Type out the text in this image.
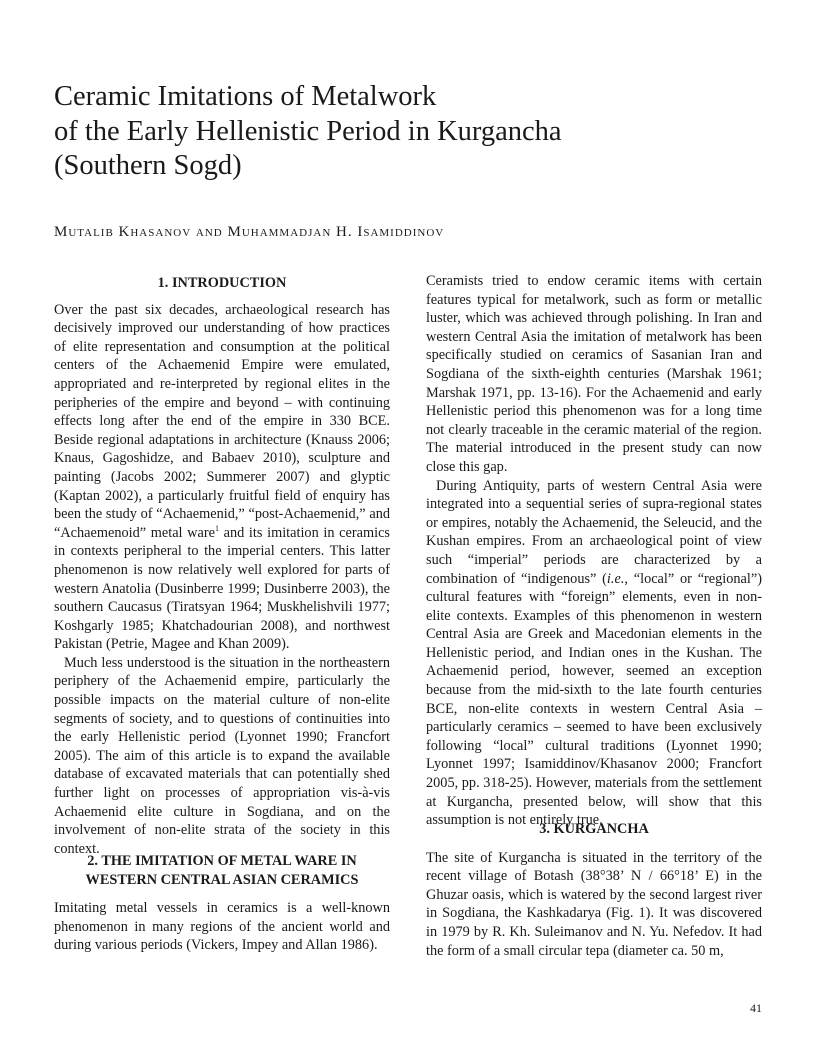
Ceramic Imitations of Metalwork
of the Early Hellenistic Period in Kurgancha
(Southern Sogd)
Mutalib Khasanov and Muhammadjan H. Isamiddinov
1. INTRODUCTION

Over the past six decades, archaeological research has decisively improved our understanding of how practices of elite representation and consumption at the political centers of the Achaemenid Empire were emulated, appropriated and re-interpreted by regional elites in the peripheries of the empire and beyond – with continuing effects long after the end of the empire in 330 BCE. Beside regional adaptations in architecture (Knauss 2006; Knaus, Gagoshidze, and Babaev 2010), sculpture and painting (Jacobs 2002; Summerer 2007) and glyptic (Kaptan 2002), a particularly fruitful field of enquiry has been the study of “Achaemenid,” “post-Achaemenid,” and “Achaemenoid” metal ware$^1$ and its imitation in ceramics in contexts peripheral to the imperial centers. This latter phenomenon is now relatively well explored for parts of western Anatolia (Dusinberre 1999; Dusinberre 2003), the southern Caucasus (Tiratsyan 1964; Muskhelishvili 1977; Koshgarly 1985; Khatchadourian 2008), and northwest Pakistan (Petrie, Magee and Khan 2009).

Much less understood is the situation in the northeastern periphery of the Achaemenid empire, particularly the possible impacts on the material culture of non-elite segments of society, and to questions of continuities into the early Hellenistic period (Lyonnet 1990; Francfort 2005). The aim of this article is to expand the available database of excavated materials that can potentially shed further light on processes of appropriation vis-à-vis Achaemenid elite culture in Sogdiana, and on the involvement of non-elite strata of the society in this context.

2. THE IMITATION OF METAL WARE IN
WESTERN CENTRAL ASIAN CERAMICS

Imitating metal vessels in ceramics is a well-known phenomenon in many regions of the ancient world and during various periods (Vickers, Impey and Allan 1986).

Ceramists tried to endow ceramic items with certain features typical for metalwork, such as form or metallic luster, which was achieved through polishing. In Iran and western Central Asia the imitation of metalwork has been specifically studied on ceramics of Sasanian Iran and Sogdiana of the sixth-eighth centuries (Marshak 1961; Marshak 1971, pp. 13-16). For the Achaemenid and early Hellenistic period this phenomenon was for a long time not clearly traceable in the ceramic material of the region. The material introduced in the present study can now close this gap.

During Antiquity, parts of western Central Asia were integrated into a sequential series of supra-regional states or empires, notably the Achaemenid, the Seleucid, and the Kushan empires. From an archaeological point of view such “imperial” periods are characterized by a combination of “indigenous” (i.e., “local” or “regional”) cultural features with “foreign” elements, even in non-elite contexts. Examples of this phenomenon in western Central Asia are Greek and Macedonian elements in the Hellenistic period, and Indian ones in the Kushan. The Achaemenid period, however, seemed an exception because from the mid-sixth to the late fourth centuries BCE, non-elite contexts in western Central Asia – particularly ceramics – seemed to have been exclusively following “local” cultural traditions (Lyonnet 1990; Lyonnet 1997; Isamiddinov/Khasanov 2000; Francfort 2005, pp. 318-25). However, materials from the settlement at Kurgancha, presented below, will show that this assumption is not entirely true.

3. KURGANCHA

The site of Kurgancha is situated in the territory of the recent village of Botash (38°38’ N / 66°18’ E) in the Ghuzar oasis, which is watered by the second largest river in Sogdiana, the Kashkadarya (Fig. 1). It was discovered in 1979 by R. Kh. Suleimanov and N. Yu. Nefedov. It had the form of a small circular tepa (diameter ca. 50 m,

41
